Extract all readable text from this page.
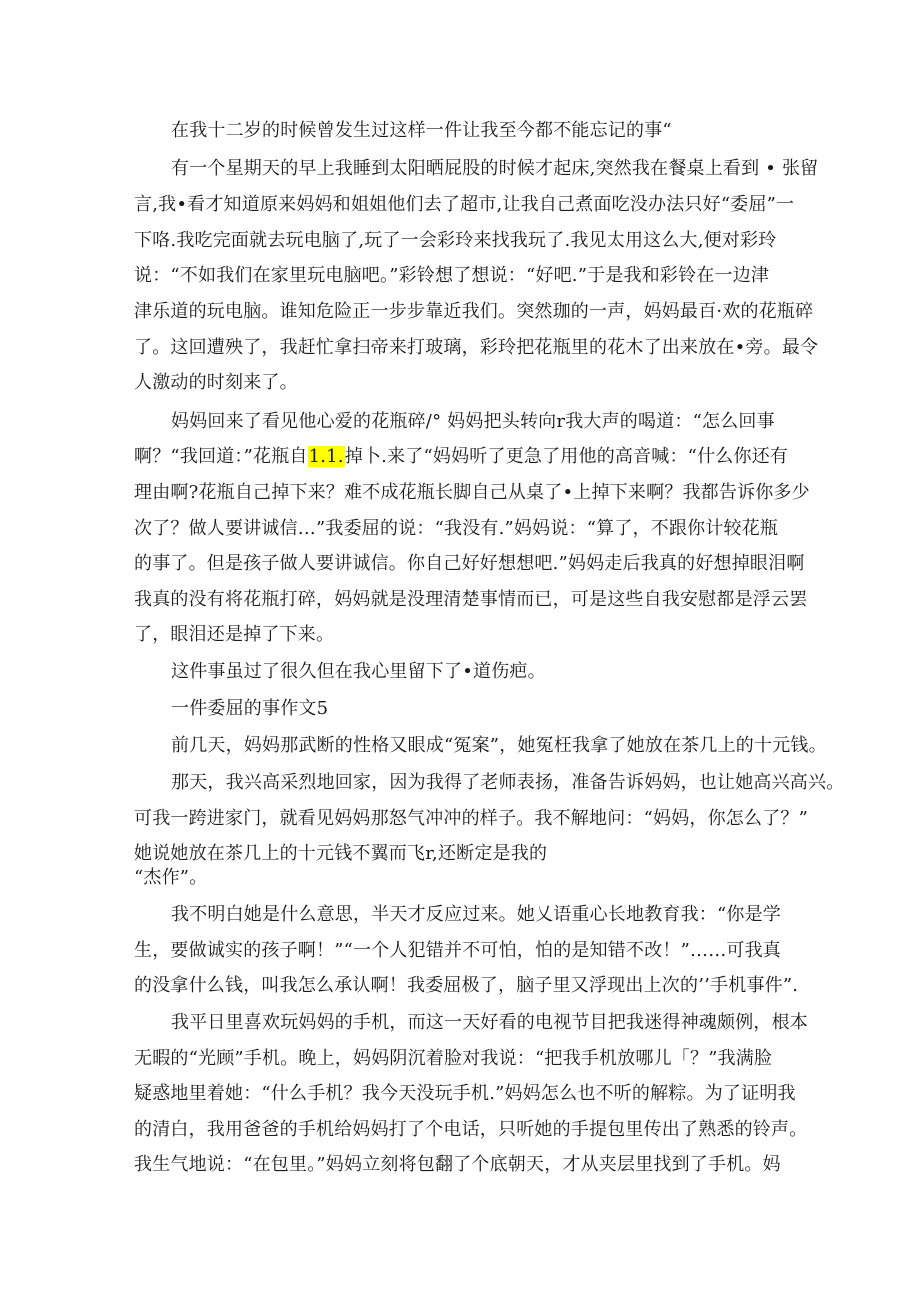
在我十二岁的时候曾发生过这样一件让我至今都不能忘记的事“
有一个星期天的早上我睡到太阳晒屁股的时候才起床,突然我在餐桌上看到 • 张留
言,我•看才知道原来妈妈和姐姐他们去了超市,让我自己煮面吃没办法只好“委屈”一
下咯.我吃完面就去玩电脑了,玩了一会彩玲来找我玩了.我见太用这么大,便对彩玲
说：“不如我们在家里玩电脑吧。”彩铃想了想说：“好吧.”于是我和彩铃在一边津
津乐道的玩电脑。谁知危险正一步步靠近我们。突然珈的一声，妈妈最百·欢的花瓶碎
了。这回遭殃了，我赶忙拿扫帝来打玻璃，彩玲把花瓶里的花木了出来放在•旁。最令
人激动的时刻来了。
妈妈回来了看见他心爱的花瓶碎/° 妈妈把头转向r我大声的喝道：“怎么回事
啊？“我回道：”花瓶自1.1.掉卜.来了“妈妈听了更急了用他的高音喊：“什么你还有
理由啊?花瓶自己掉下来？难不成花瓶长脚自己从桌了•上掉下来啊？我都告诉你多少
次了？做人要讲诚信…”我委屈的说：“我没有.”妈妈说：“算了，不跟你计较花瓶
的事了。但是孩子做人要讲诚信。你自己好好想想吧.”妈妈走后我真的好想掉眼泪啊
我真的没有将花瓶打碎，妈妈就是没理清楚事情而已，可是这些自我安慰都是浮云罢
了，眼泪还是掉了下来。
这件事虽过了很久但在我心里留下了•道伤疤。
一件委屈的事作文5
前几天，妈妈那武断的性格又眼成“冤案”，她冤枉我拿了她放在茶几上的十元钱。
那天，我兴高采烈地回家，因为我得了老师表扬，准备告诉妈妈，也让她高兴高兴。
可我一跨进家门，就看见妈妈那怒气冲冲的样子。我不解地问：“妈妈，你怎么了？”
她说她放在茶几上的十元钱不翼而飞r,还断定是我的
“杰作”。
我不明白她是什么意思，半天才反应过来。她乂语重心长地教育我：“你是学
生，要做诚实的孩子啊！”“一个人犯错并不可怕，怕的是知错不改！”……可我真
的没拿什么钱，叫我怎么承认啊！我委屈极了，脑子里又浮现出上次的’’手机事件”.
我平日里喜欢玩妈妈的手机，而这一天好看的电视节目把我迷得神魂颇例，根本
无暇的“光顾”手机。晚上，妈妈阴沉着脸对我说：“把我手机放哪儿「？”我满脸
疑惑地里着她：“什么手机？我今天没玩手机.”妈妈怎么也不听的解粽。为了证明我
的清白，我用爸爸的手机给妈妈打了个电话，只听她的手提包里传出了熟悉的铃声。
我生气地说：“在包里。”妈妈立刻将包翻了个底朝天，才从夹层里找到了手机。妈
